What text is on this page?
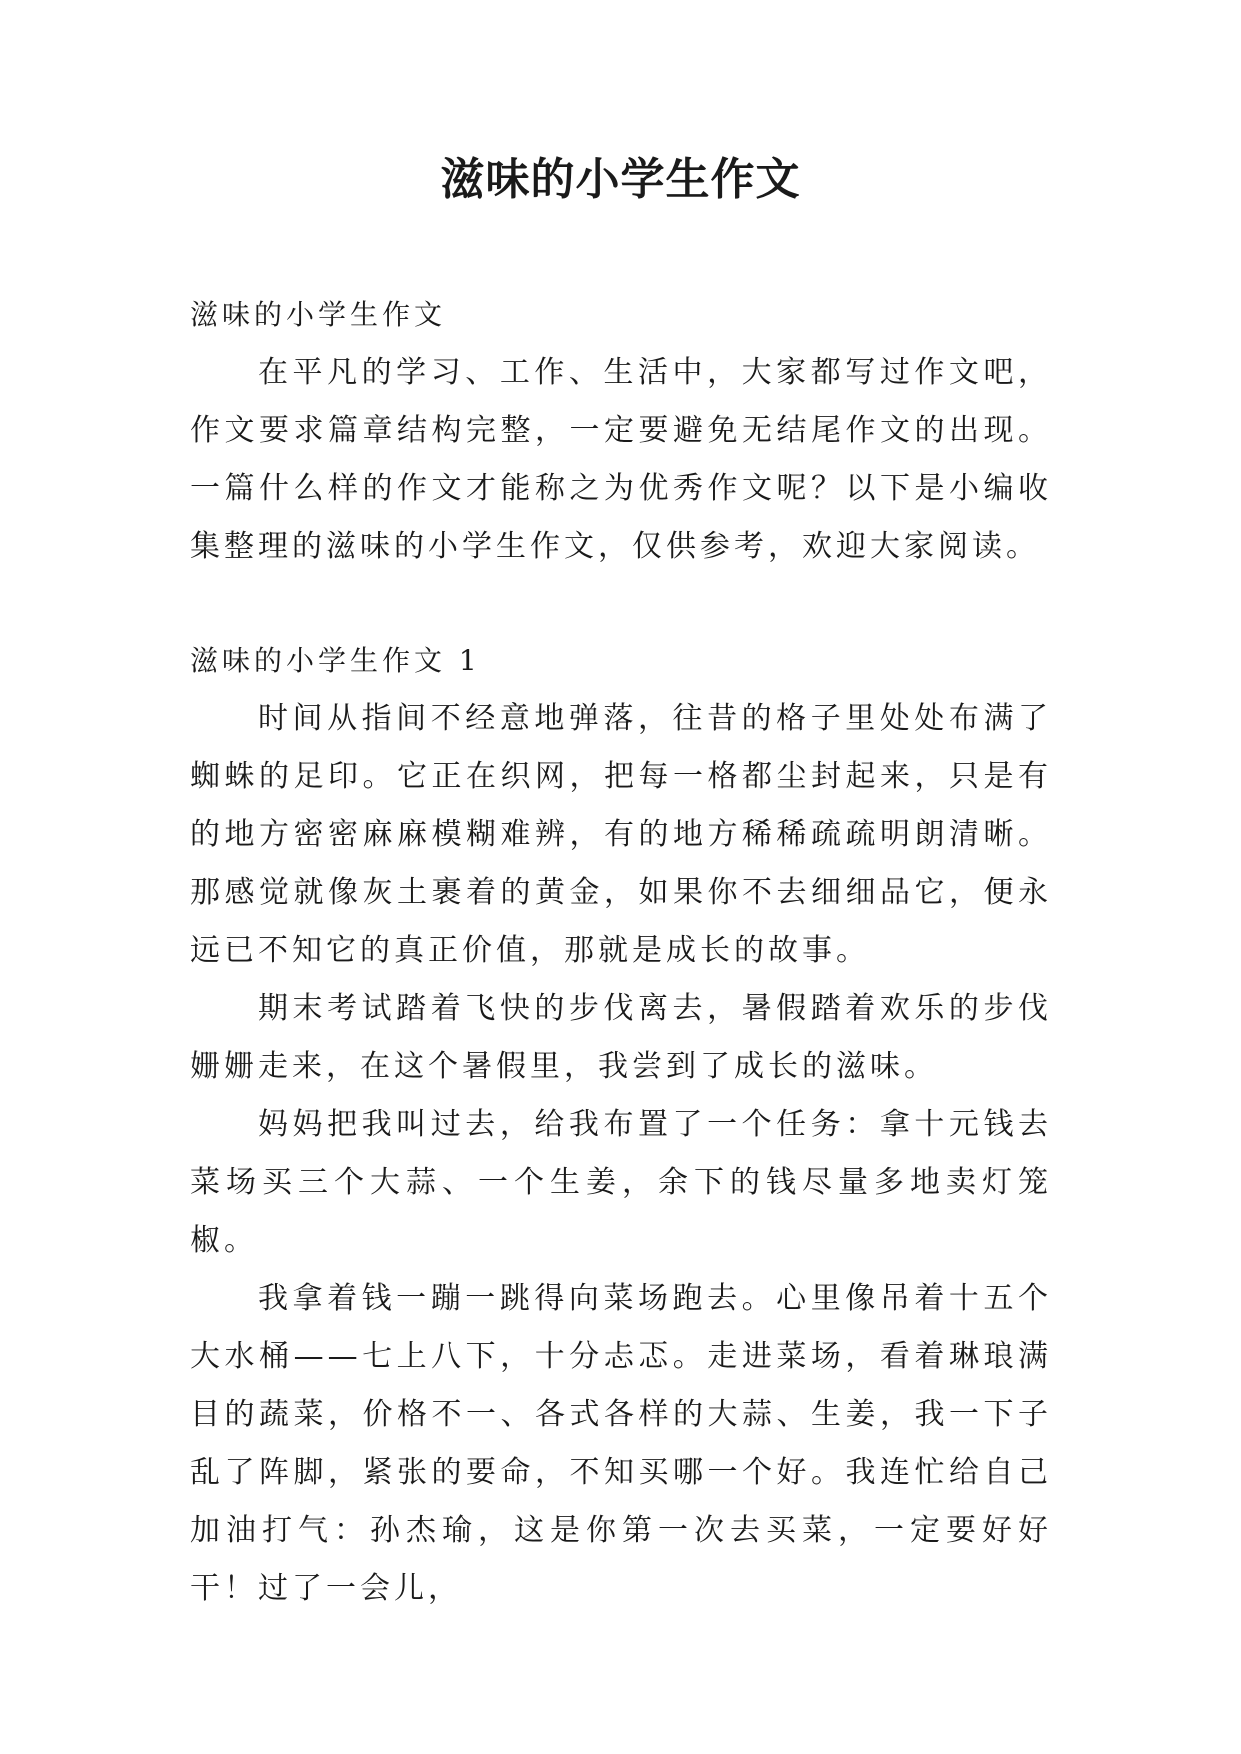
滋味的小学生作文

滋味的小学生作文

在平凡的学习、工作、生活中，大家都写过作文吧，作文要求篇章结构完整，一定要避免无结尾作文的出现。一篇什么样的作文才能称之为优秀作文呢？以下是小编收集整理的滋味的小学生作文，仅供参考，欢迎大家阅读。

滋味的小学生作文 1

时间从指间不经意地弹落，往昔的格子里处处布满了蜘蛛的足印。它正在织网，把每一格都尘封起来，只是有的地方密密麻麻模糊难辨，有的地方稀稀疏疏明朗清晰。那感觉就像灰土裹着的黄金，如果你不去细细品它，便永远已不知它的真正价值，那就是成长的故事。

期末考试踏着飞快的步伐离去，暑假踏着欢乐的步伐姗姗走来，在这个暑假里，我尝到了成长的滋味。

妈妈把我叫过去，给我布置了一个任务：拿十元钱去菜场买三个大蒜、一个生姜，余下的钱尽量多地卖灯笼椒。

我拿着钱一蹦一跳得向菜场跑去。心里像吊着十五个大水桶——七上八下，十分忐忑。走进菜场，看着琳琅满目的蔬菜，价格不一、各式各样的大蒜、生姜，我一下子乱了阵脚，紧张的要命，不知买哪一个好。我连忙给自己加油打气：孙杰瑜，这是你第一次去买菜，一定要好好干！过了一会儿，
